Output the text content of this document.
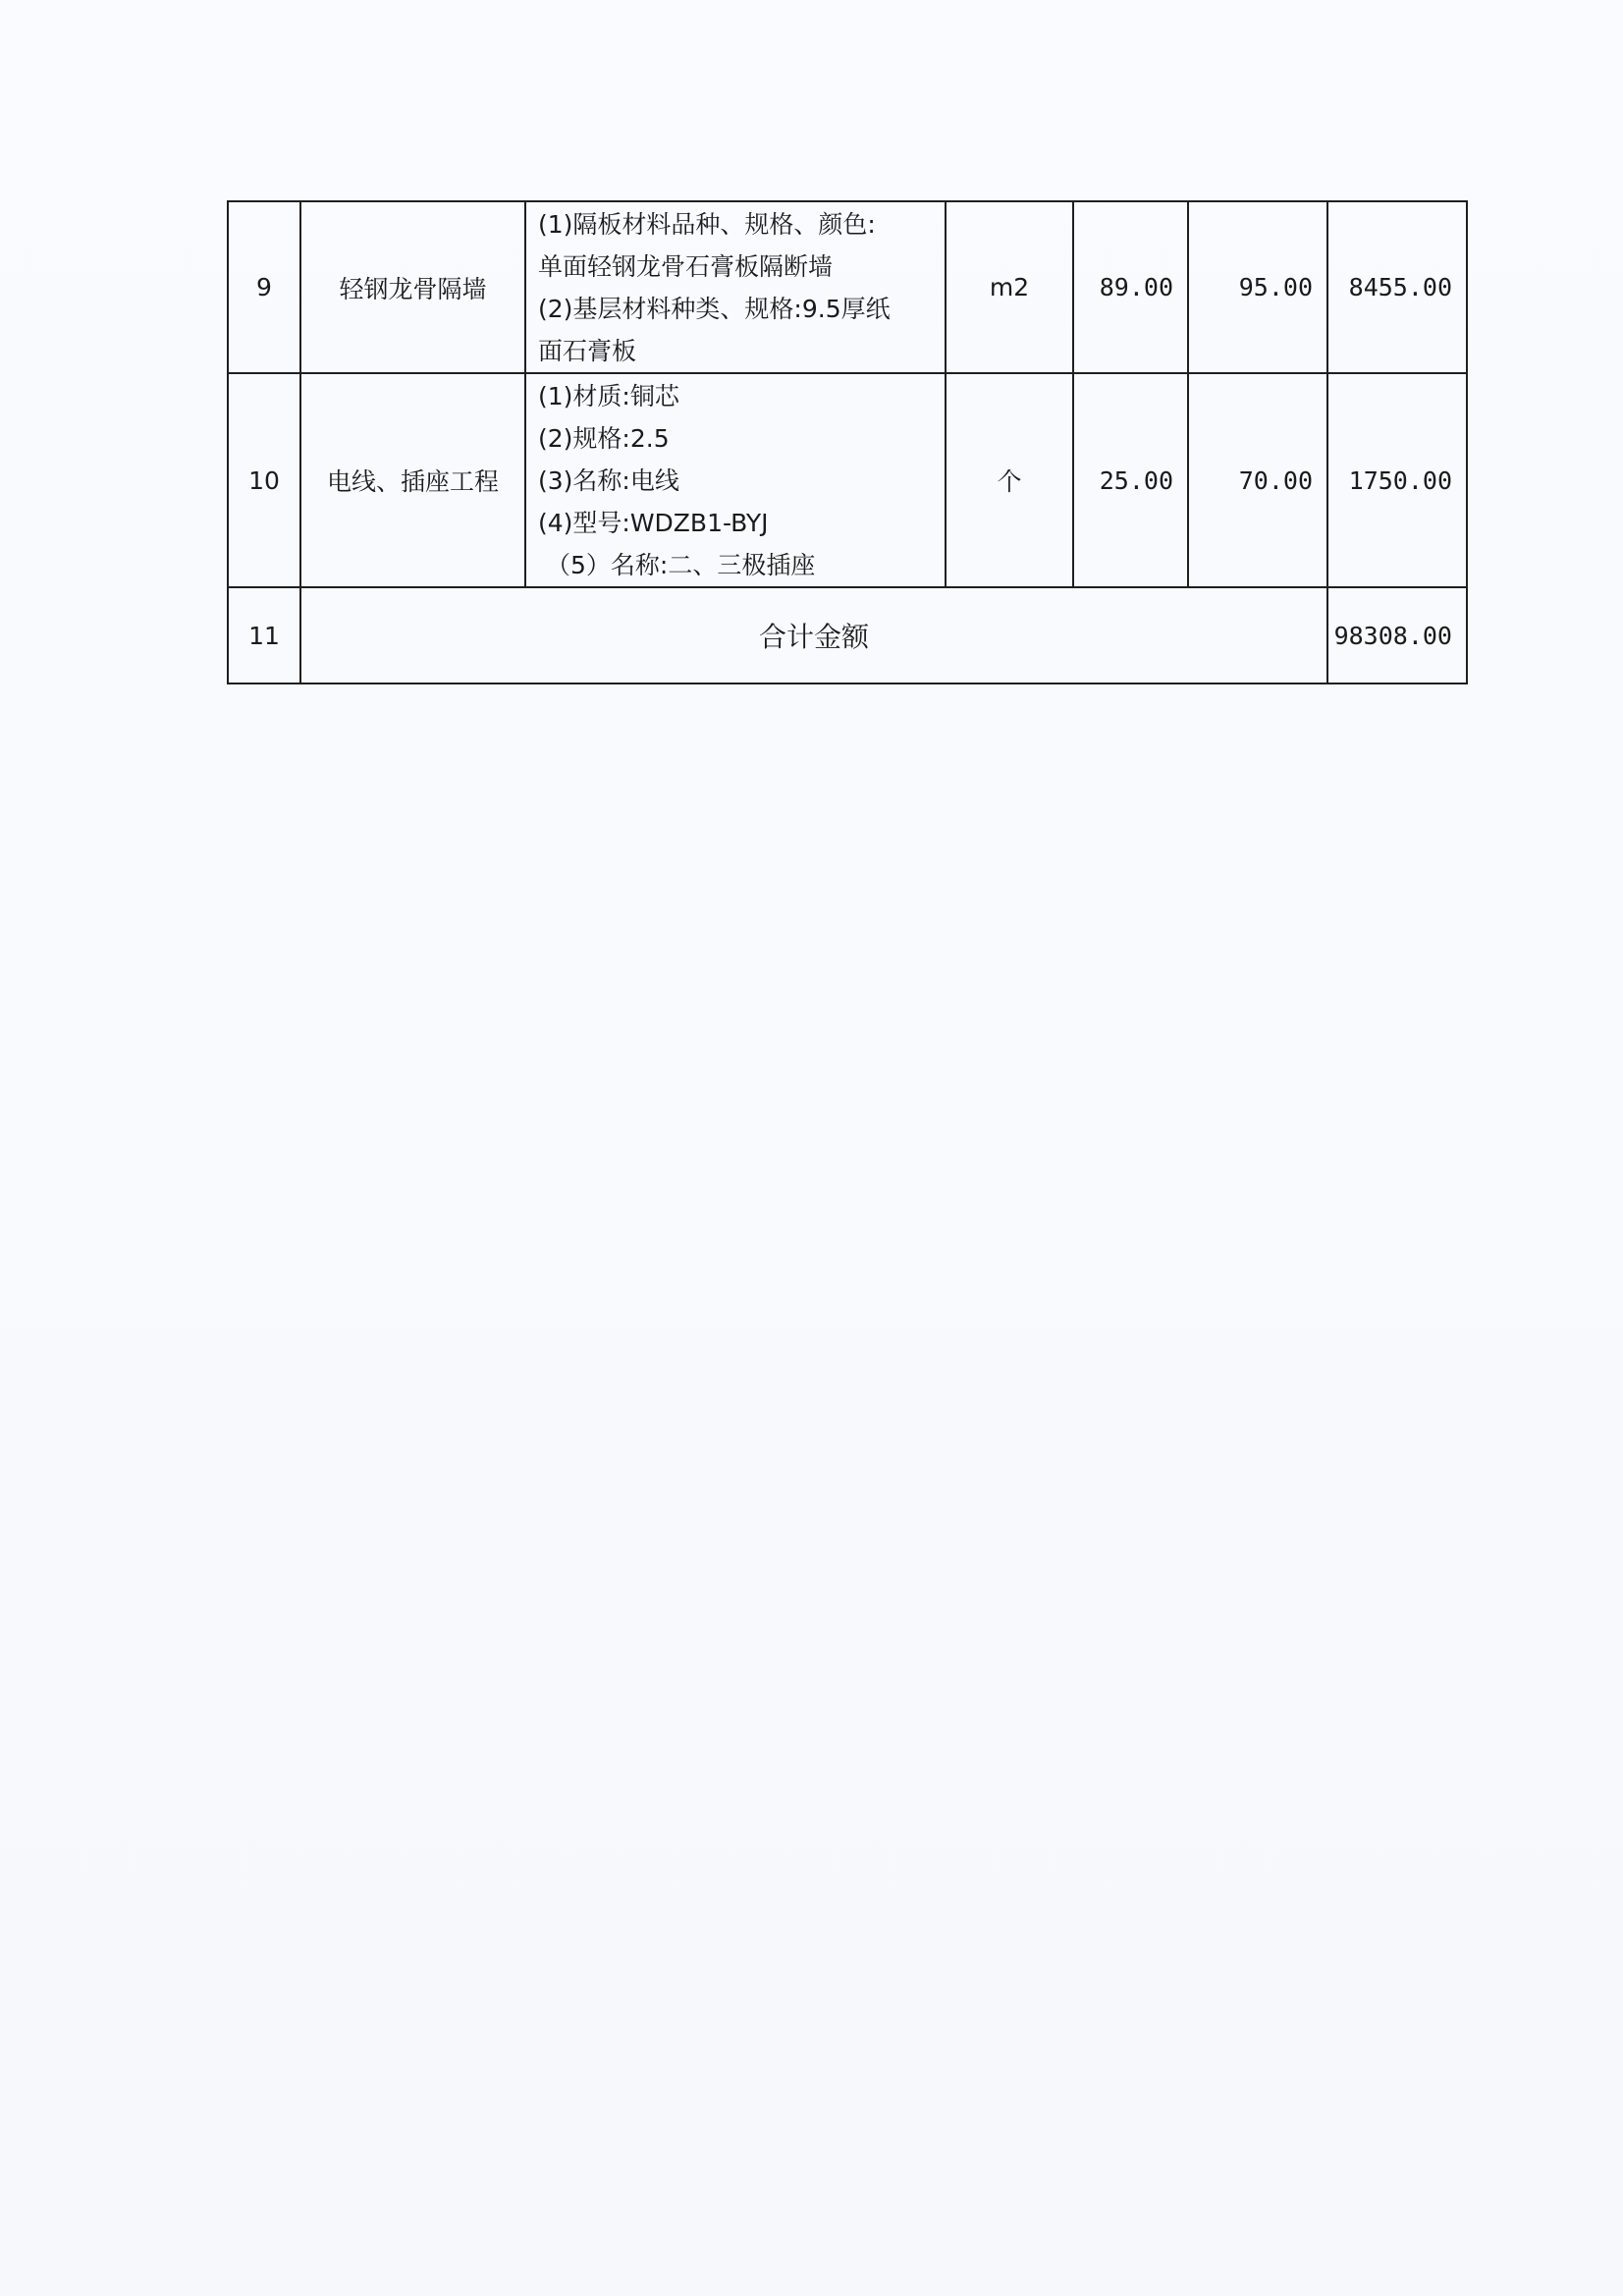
9	轻钢龙骨隔墙	(1)隔板材料品种、规格、颜色:
单面轻钢龙骨石膏板隔断墙
(2)基层材料种类、规格:9.5厚纸
面石膏板	m2	89.00	95.00	8455.00
10	电线、插座工程	(1)材质:铜芯
(2)规格:2.5
(3)名称:电线
(4)型号:WDZB1-BYJ
（5）名称:二、三极插座	个	25.00	70.00	1750.00
11	合计金额					98308.00
